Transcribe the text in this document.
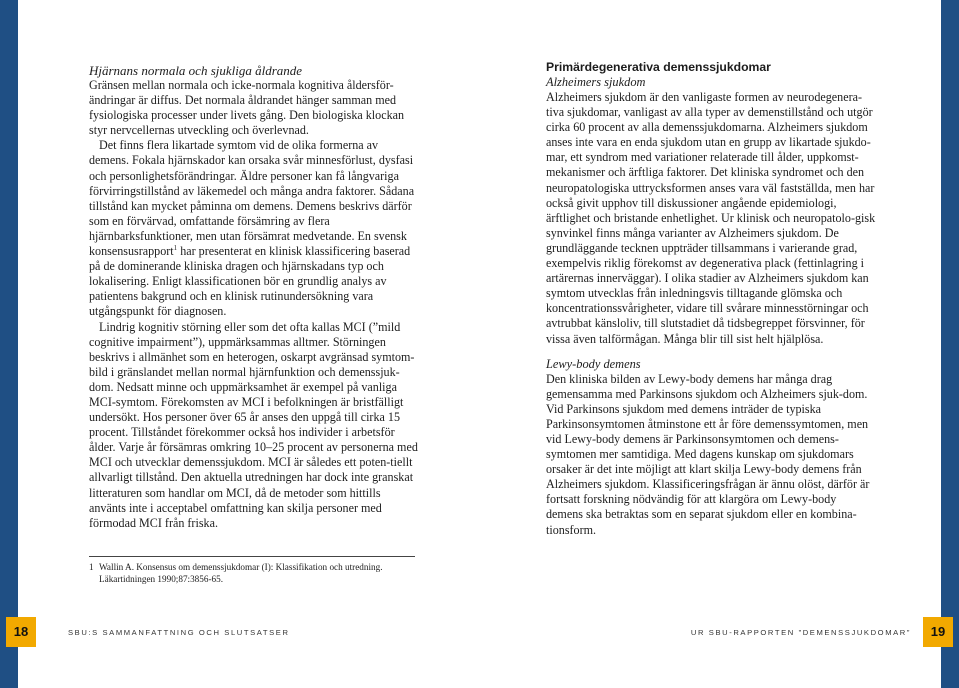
Hjärnans normala och sjukliga åldrande

Gränsen mellan normala och icke-normala kognitiva åldersför-ändringar är diffus. Det normala åldrandet hänger samman med fysiologiska processer under livets gång. Den biologiska klockan styr nervcellernas utveckling och överlevnad.

Det finns flera likartade symtom vid de olika formerna av demens. Fokala hjärnskador kan orsaka svår minnesförlust, dysfasi och personlighetsförändringar. Äldre personer kan få långvariga förvirringstillstånd av läkemedel och många andra faktorer. Sådana tillstånd kan mycket påminna om demens. Demens beskrivs därför som en förvärvad, omfattande försämring av flera hjärnbarksfunktioner, men utan försämrat medvetande. En svensk konsensusrapport$^1$ har presenterat en klinisk klassificering baserad på de dominerande kliniska dragen och hjärnskadans typ och lokalisering. Enligt klassificationen bör en grundlig analys av patientens bakgrund och en klinisk rutinundersökning vara utgångspunkt för diagnosen.

Lindrig kognitiv störning eller som det ofta kallas MCI (”mild cognitive impairment”), uppmärksammas alltmer. Störningen beskrivs i allmänhet som en heterogen, oskarpt avgränsad symtom-bild i gränslandet mellan normal hjärnfunktion och demenssjuk-dom. Nedsatt minne och uppmärksamhet är exempel på vanliga MCI-symtom. Förekomsten av MCI i befolkningen är bristfälligt undersökt. Hos personer över 65 år anses den uppgå till cirka 15 procent. Tillståndet förekommer också hos individer i arbetsför ålder. Varje år försämras omkring 10–25 procent av personerna med MCI och utvecklar demenssjukdom. MCI är således ett poten-tiellt allvarligt tillstånd. Den aktuella utredningen har dock inte granskat litteraturen som handlar om MCI, då de metoder som hittills använts inte i acceptabel omfattning kan skilja personer med förmodad MCI från friska.

1 Wallin A. Konsensus om demenssjukdomar (I): Klassifikation och utredning. Läkartidningen 1990;87:3856-65.

Primärdegenerativa demenssjukdomar

Alzheimers sjukdom

Alzheimers sjukdom är den vanligaste formen av neurodegenera-tiva sjukdomar, vanligast av alla typer av demenstillstånd och utgör cirka 60 procent av alla demenssjukdomarna. Alzheimers sjukdom anses inte vara en enda sjukdom utan en grupp av likartade sjukdo-mar, ett syndrom med variationer relaterade till ålder, uppkomst-mekanismer och ärftliga faktorer. Det kliniska syndromet och den neuropatologiska uttrycksformen anses vara väl fastställda, men har också givit upphov till diskussioner angående epidemiologi, ärftlighet och bristande enhetlighet. Ur klinisk och neuropatolo-gisk synvinkel finns många varianter av Alzheimers sjukdom. De grundläggande tecknen uppträder tillsammans i varierande grad, exempelvis riklig förekomst av degenerativa plack (fettinlagring i artärernas innerväggar). I olika stadier av Alzheimers sjukdom kan symtom utvecklas från inledningsvis tilltagande glömska och koncentrationssvårigheter, vidare till svårare minnesstörningar och avtrubbat känsloliv, till slutstadiet då tidsbegreppet försvinner, för vissa även talförmågan. Många blir till sist helt hjälplösa.

Lewy-body demens

Den kliniska bilden av Lewy-body demens har många drag gemensamma med Parkinsons sjukdom och Alzheimers sjuk-dom. Vid Parkinsons sjukdom med demens inträder de typiska Parkinsonsymtomen åtminstone ett år före demenssymtomen, men vid Lewy-body demens är Parkinsonsymtomen och demens-symtomen mer samtidiga. Med dagens kunskap om sjukdomars orsaker är det inte möjligt att klart skilja Lewy-body demens från Alzheimers sjukdom. Klassificeringsfrågan är ännu olöst, därför är fortsatt forskning nödvändig för att klargöra om Lewy-body demens ska betraktas som en separat sjukdom eller en kombina-tionsform.

18	SBU:S SAMMANFATTNING OCH SLUTSATSER	UR SBU-RAPPORTEN ”DEMENSSJUKDOMAR”	19
